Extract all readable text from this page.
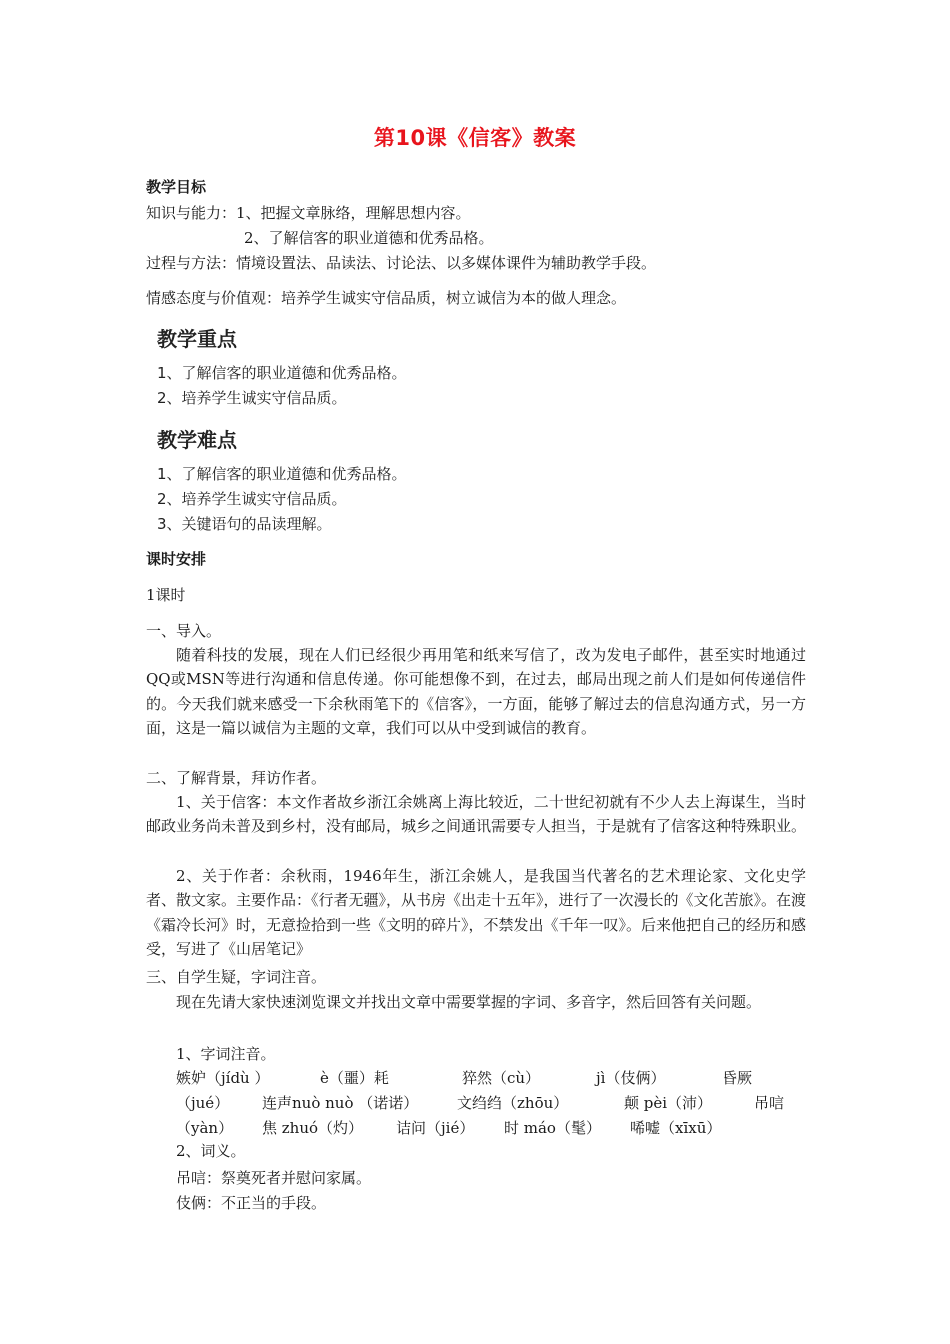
第10课《信客》教案
教学目标
知识与能力：1、把握文章脉络，理解思想内容。
2、了解信客的职业道德和优秀品格。
过程与方法：情境设置法、品读法、讨论法、以多媒体课件为辅助教学手段。
情感态度与价值观：培养学生诚实守信品质，树立诚信为本的做人理念。
教学重点
1、了解信客的职业道德和优秀品格。
2、培养学生诚实守信品质。
教学难点
1、了解信客的职业道德和优秀品格。
2、培养学生诚实守信品质。
3、关键语句的品读理解。
课时安排
1课时
一、导入。

随着科技的发展，现在人们已经很少再用笔和纸来写信了，改为发电子邮件，甚至实时地通过QQ或MSN等进行沟通和信息传递。你可能想像不到，在过去，邮局出现之前人们是如何传递信件的。今天我们就来感受一下余秋雨笔下的《信客》，一方面，能够了解过去的信息沟通方式，另一方面，这是一篇以诚信为主题的文章，我们可以从中受到诚信的教育。

二、了解背景，拜访作者。

1、关于信客：本文作者故乡浙江余姚离上海比较近，二十世纪初就有不少人去上海谋生，当时邮政业务尚未普及到乡村，没有邮局，城乡之间通讯需要专人担当，于是就有了信客这种特殊职业。

2、关于作者：余秋雨，1946年生，浙江余姚人，是我国当代著名的艺术理论家、文化史学者、散文家。主要作品：《行者无疆》，从书房《出走十五年》，进行了一次漫长的《文化苦旅》。在渡《霜冷长河》时，无意捡拾到一些《文明的碎片》，不禁发出《千年一叹》。后来他把自己的经历和感受，写进了《山居笔记》

三、自学生疑，字词注音。

现在先请大家快速浏览课文并找出文章中需要掌握的字词、多音字，然后回答有关问题。

1、字词注音。
嫉妒（jídù ）	è（噩）耗	猝然（cù）	jì（伎俩）	昏厥
（jué） 连声nuò nuò （诺诺）	文绉绉（zhōu）	颠 pèi（沛）	吊唁
（yàn） 焦 zhuó（灼） 诘问（jié） 时 máo（髦） 唏嘘（xīxū）
2、词义。
吊唁：祭奠死者并慰问家属。
伎俩：不正当的手段。
